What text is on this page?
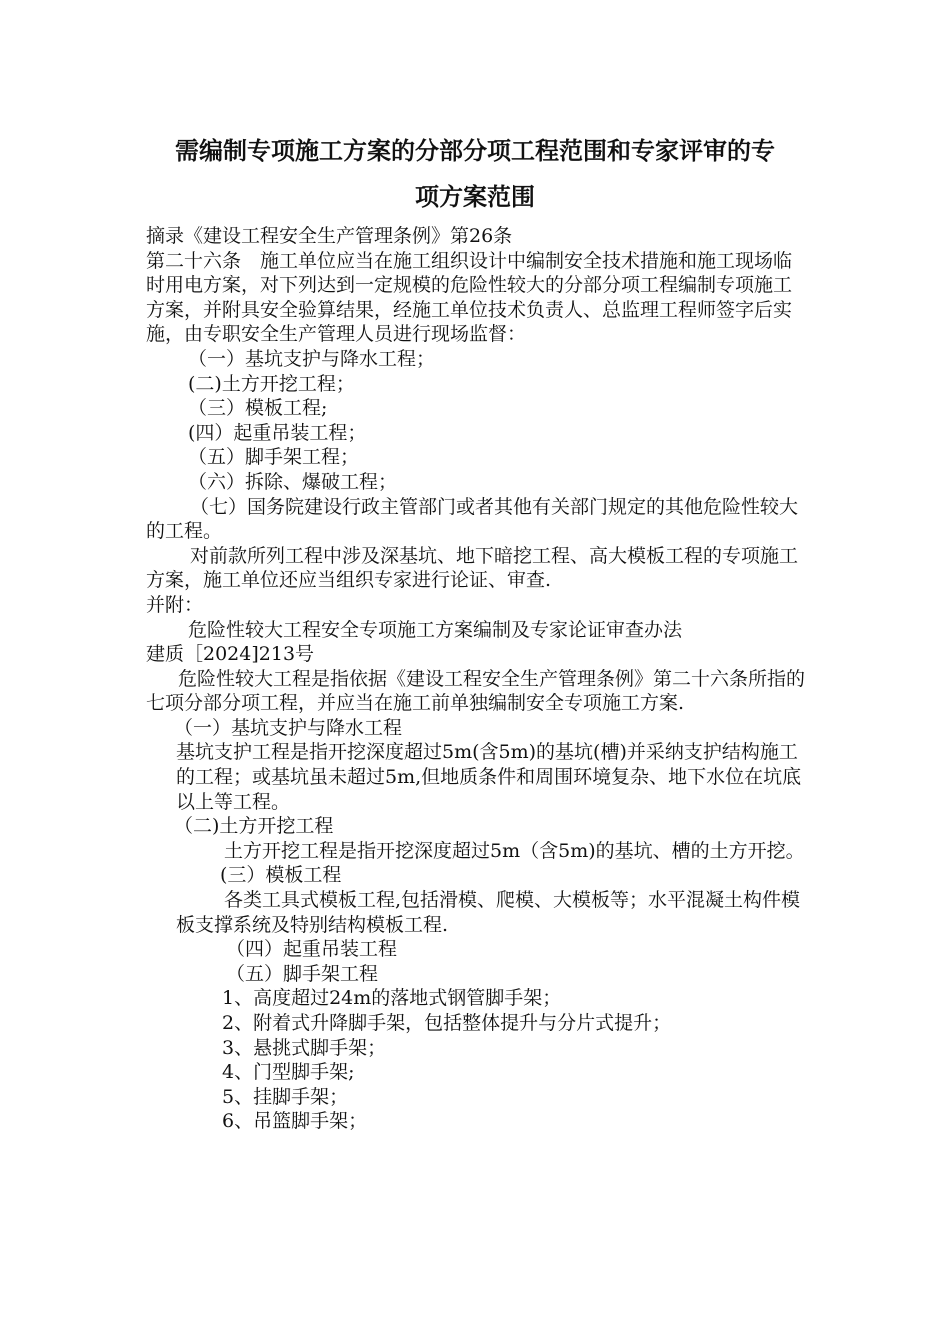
需编制专项施工方案的分部分项工程范围和专家评审的专
项方案范围

摘录《建设工程安全生产管理条例》第26条

第二十六条　施工单位应当在施工组织设计中编制安全技术措施和施工现场临时用电方案，对下列达到一定规模的危险性较大的分部分项工程编制专项施工方案，并附具安全验算结果，经施工单位技术负责人、总监理工程师签字后实施，由专职安全生产管理人员进行现场监督：

（一）基坑支护与降水工程；

(二)土方开挖工程；

（三）模板工程;

(四）起重吊装工程；

（五）脚手架工程；

（六）拆除、爆破工程；

（七）国务院建设行政主管部门或者其他有关部门规定的其他危险性较大的工程。

对前款所列工程中涉及深基坑、地下暗挖工程、高大模板工程的专项施工方案，施工单位还应当组织专家进行论证、审查.

并附：

危险性较大工程安全专项施工方案编制及专家论证审查办法

建质［2024]213号

危险性较大工程是指依据《建设工程安全生产管理条例》第二十六条所指的七项分部分项工程，并应当在施工前单独编制安全专项施工方案.

（一）基坑支护与降水工程

基坑支护工程是指开挖深度超过5m(含5m)的基坑(槽)并采纳支护结构施工的工程；或基坑虽未超过5m,但地质条件和周围环境复杂、地下水位在坑底以上等工程。

（二)土方开挖工程

土方开挖工程是指开挖深度超过5m（含5m)的基坑、槽的土方开挖。

(三）模板工程

各类工具式模板工程,包括滑模、爬模、大模板等；水平混凝土构件模板支撑系统及特别结构模板工程.

（四）起重吊装工程

（五）脚手架工程

1、高度超过24m的落地式钢管脚手架；

2、附着式升降脚手架，包括整体提升与分片式提升；

3、悬挑式脚手架；

4、门型脚手架;

5、挂脚手架；

6、吊篮脚手架；
